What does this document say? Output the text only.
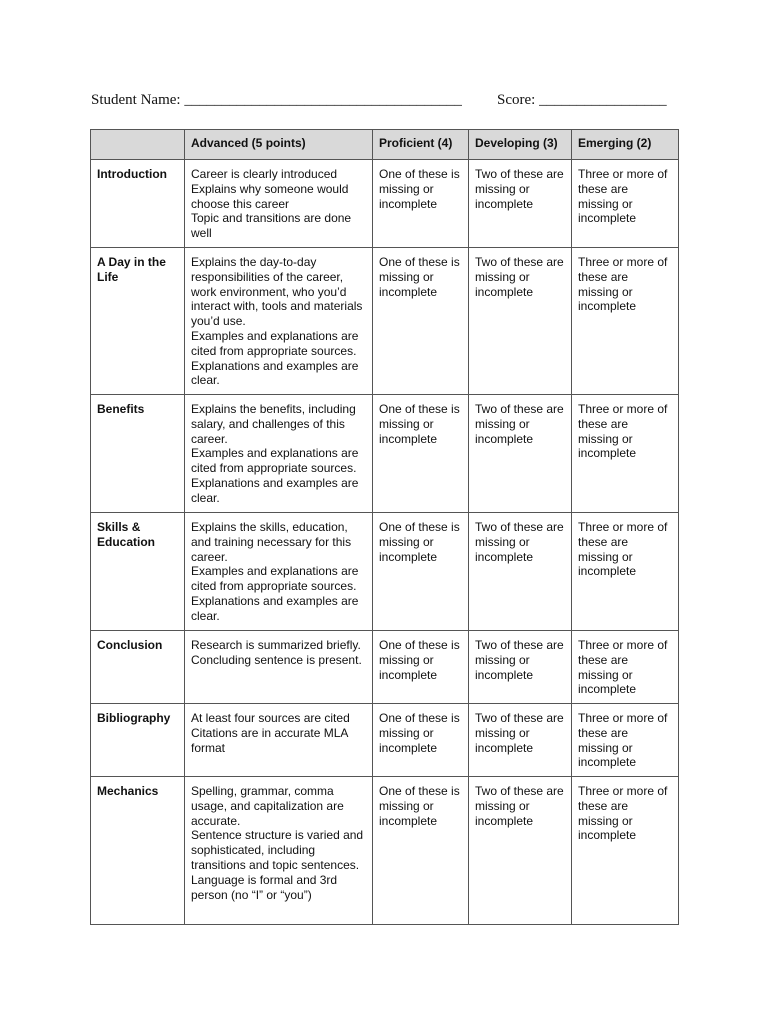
Student Name: _____________________________________ Score: _________________
	Advanced (5 points)	Proficient (4)	Developing (3)	Emerging (2)
Introduction	Career is clearly introduced
Explains why someone would choose this career
Topic and transitions are done well	One of these is missing or incomplete	Two of these are missing or incomplete	Three or more of these are missing or incomplete
A Day in the Life	Explains the day-to-day responsibilities of the career, work environment, who you’d interact with, tools and materials you’d use.
Examples and explanations are cited from appropriate sources.
Explanations and examples are clear.	One of these is missing or incomplete	Two of these are missing or incomplete	Three or more of these are missing or incomplete
Benefits	Explains the benefits, including salary, and challenges of this career.
Examples and explanations are cited from appropriate sources.
Explanations and examples are clear.	One of these is missing or incomplete	Two of these are missing or incomplete	Three or more of these are missing or incomplete
Skills & Education	Explains the skills, education, and training necessary for this career.
Examples and explanations are cited from appropriate sources.
Explanations and examples are clear.	One of these is missing or incomplete	Two of these are missing or incomplete	Three or more of these are missing or incomplete
Conclusion	Research is summarized briefly.
Concluding sentence is present.	One of these is missing or incomplete	Two of these are missing or incomplete	Three or more of these are missing or incomplete
Bibliography	At least four sources are cited
Citations are in accurate MLA format	One of these is missing or incomplete	Two of these are missing or incomplete	Three or more of these are missing or incomplete
Mechanics	Spelling, grammar, comma usage, and capitalization are accurate.
Sentence structure is varied and sophisticated, including transitions and topic sentences.
Language is formal and 3rd person (no “I” or “you”)	One of these is missing or incomplete	Two of these are missing or incomplete	Three or more of these are missing or incomplete
